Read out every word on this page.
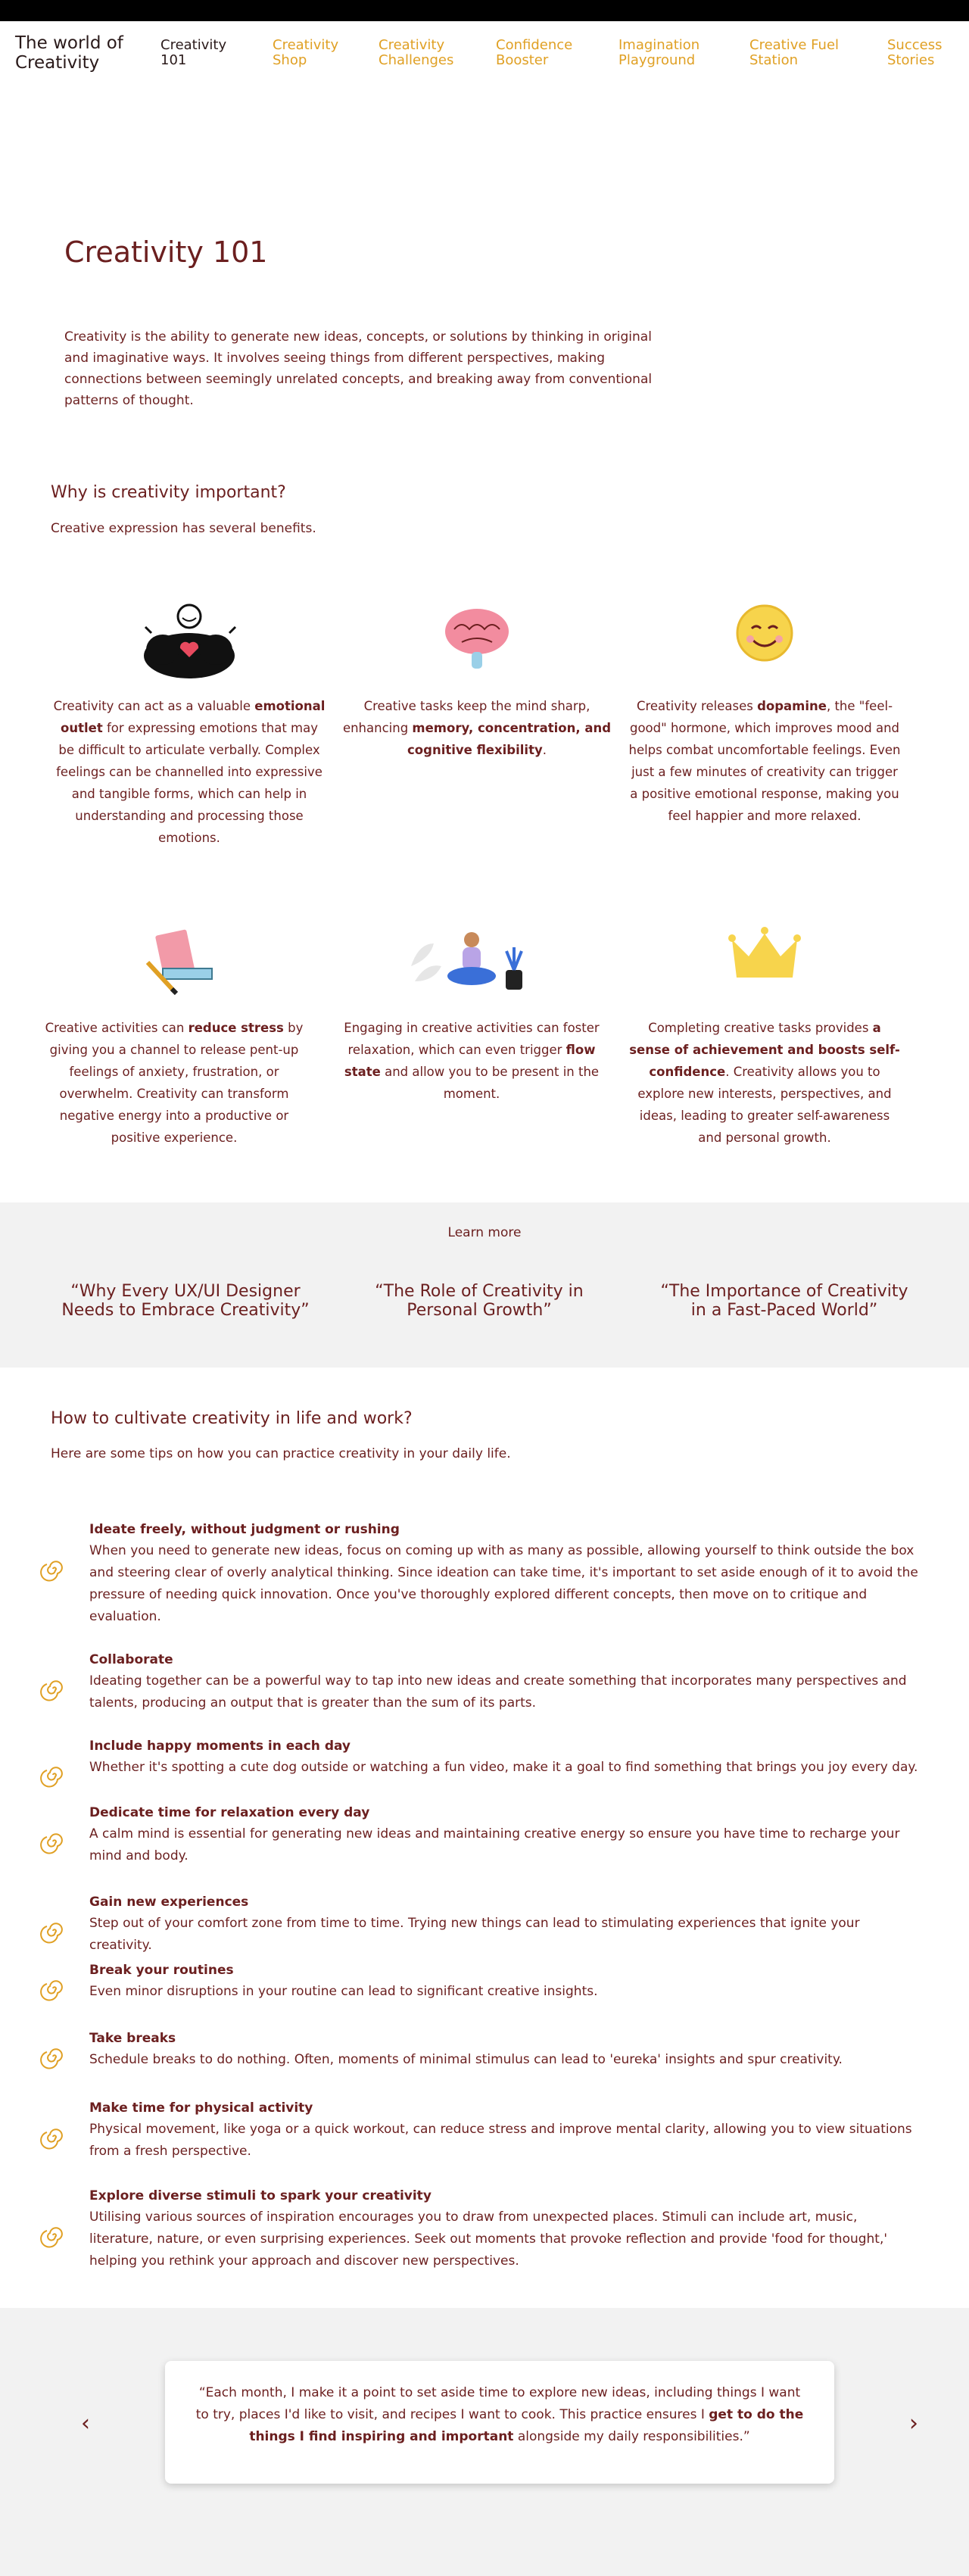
The world of
Creativity
Creativity
101
Creativity
Shop
Creativity
Challenges
Confidence
Booster
Imagination
Playground
Creative Fuel
Station
Success
Stories
Creativity 101

Creativity is the ability to generate new ideas, concepts, or solutions by thinking in original and imaginative ways. It involves seeing things from different perspectives, making connections between seemingly unrelated concepts, and breaking away from conventional patterns of thought.

Why is creativity important?
Creative expression has several benefits.
Creativity can act as a valuable emotional outlet for expressing emotions that may be difficult to articulate verbally. Complex feelings can be channelled into expressive and tangible forms, which can help in understanding and processing those emotions.
Creative tasks keep the mind sharp, enhancing memory, concentration, and cognitive flexibility.
Creativity releases dopamine, the "feel-good" hormone, which improves mood and helps combat uncomfortable feelings. Even just a few minutes of creativity can trigger a positive emotional response, making you feel happier and more relaxed.
Creative activities can reduce stress by giving you a channel to release pent-up feelings of anxiety, frustration, or overwhelm. Creativity can transform negative energy into a productive or positive experience.
Engaging in creative activities can foster relaxation, which can even trigger flow state and allow you to be present in the moment.
Completing creative tasks provides a sense of achievement and boosts self-confidence. Creativity allows you to explore new interests, perspectives, and ideas, leading to greater self-awareness and personal growth.
Learn more
“Why Every UX/UI Designer Needs to Embrace Creativity”
“The Role of Creativity in Personal Growth”
“The Importance of Creativity in a Fast-Paced World”
How to cultivate creativity in life and work?
Here are some tips on how you can practice creativity in your daily life.
Ideate freely, without judgment or rushing
When you need to generate new ideas, focus on coming up with as many as possible, allowing yourself to think outside the box and steering clear of overly analytical thinking. Since ideation can take time, it's important to set aside enough of it to avoid the pressure of needing quick innovation. Once you've thoroughly explored different concepts, then move on to critique and evaluation.
Collaborate
Ideating together can be a powerful way to tap into new ideas and create something that incorporates many perspectives and talents, producing an output that is greater than the sum of its parts.
Include happy moments in each day
Whether it's spotting a cute dog outside or watching a fun video, make it a goal to find something that brings you joy every day.
Dedicate time for relaxation every day
A calm mind is essential for generating new ideas and maintaining creative energy so ensure you have time to recharge your mind and body.
Gain new experiences
Step out of your comfort zone from time to time. Trying new things can lead to stimulating experiences that ignite your creativity.
Break your routines
Even minor disruptions in your routine can lead to significant creative insights.
Take breaks
Schedule breaks to do nothing. Often, moments of minimal stimulus can lead to 'eureka' insights and spur creativity.
Make time for physical activity
Physical movement, like yoga or a quick workout, can reduce stress and improve mental clarity, allowing you to view situations from a fresh perspective.
Explore diverse stimuli to spark your creativity
Utilising various sources of inspiration encourages you to draw from unexpected places. Stimuli can include art, music, literature, nature, or even surprising experiences. Seek out moments that provoke reflection and provide 'food for thought,' helping you rethink your approach and discover new perspectives.
‹
“Each month, I make it a point to set aside time to explore new ideas, including things I want to try, places I'd like to visit, and recipes I want to cook. This practice ensures I get to do the things I find inspiring and important alongside my daily responsibilities.”	›
